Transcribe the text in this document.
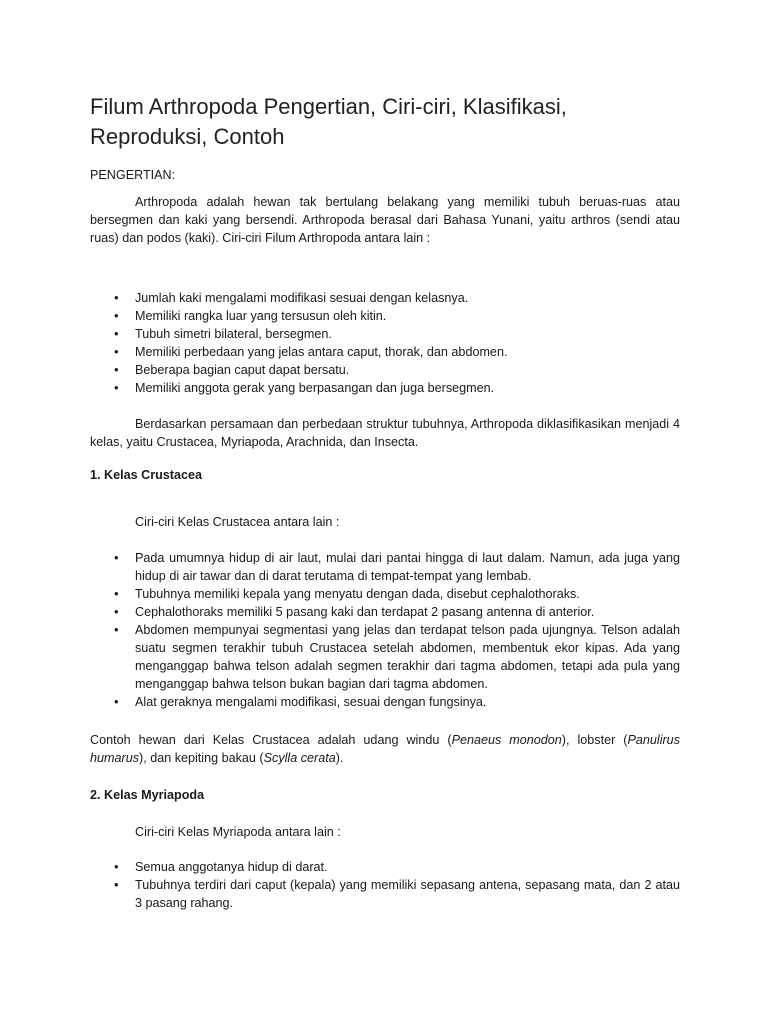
Filum Arthropoda Pengertian, Ciri-ciri, Klasifikasi, Reproduksi, Contoh

PENGERTIAN:

Arthropoda adalah hewan tak bertulang belakang yang memiliki tubuh beruas-ruas atau bersegmen dan kaki yang bersendi. Arthropoda berasal dari Bahasa Yunani, yaitu arthros (sendi atau ruas) dan podos (kaki). Ciri-ciri Filum Arthropoda antara lain :

• Jumlah kaki mengalami modifikasi sesuai dengan kelasnya.
• Memiliki rangka luar yang tersusun oleh kitin.
• Tubuh simetri bilateral, bersegmen.
• Memiliki perbedaan yang jelas antara caput, thorak, dan abdomen.
• Beberapa bagian caput dapat bersatu.
• Memiliki anggota gerak yang berpasangan dan juga bersegmen.

Berdasarkan persamaan dan perbedaan struktur tubuhnya, Arthropoda diklasifikasikan menjadi 4 kelas, yaitu Crustacea, Myriapoda, Arachnida, dan Insecta.

1. Kelas Crustacea

Ciri-ciri Kelas Crustacea antara lain :

• Pada umumnya hidup di air laut, mulai dari pantai hingga di laut dalam. Namun, ada juga yang hidup di air tawar dan di darat terutama di tempat-tempat yang lembab.
• Tubuhnya memiliki kepala yang menyatu dengan dada, disebut cephalothoraks.
• Cephalothoraks memiliki 5 pasang kaki dan terdapat 2 pasang antenna di anterior.
• Abdomen mempunyai segmentasi yang jelas dan terdapat telson pada ujungnya. Telson adalah suatu segmen terakhir tubuh Crustacea setelah abdomen, membentuk ekor kipas. Ada yang menganggap bahwa telson adalah segmen terakhir dari tagma abdomen, tetapi ada pula yang menganggap bahwa telson bukan bagian dari tagma abdomen.
• Alat geraknya mengalami modifikasi, sesuai dengan fungsinya.

Contoh hewan dari Kelas Crustacea adalah udang windu (Penaeus monodon), lobster (Panulirus humarus), dan kepiting bakau (Scylla cerata).

2. Kelas Myriapoda

Ciri-ciri Kelas Myriapoda antara lain :

• Semua anggotanya hidup di darat.
• Tubuhnya terdiri dari caput (kepala) yang memiliki sepasang antena, sepasang mata, dan 2 atau 3 pasang rahang.
